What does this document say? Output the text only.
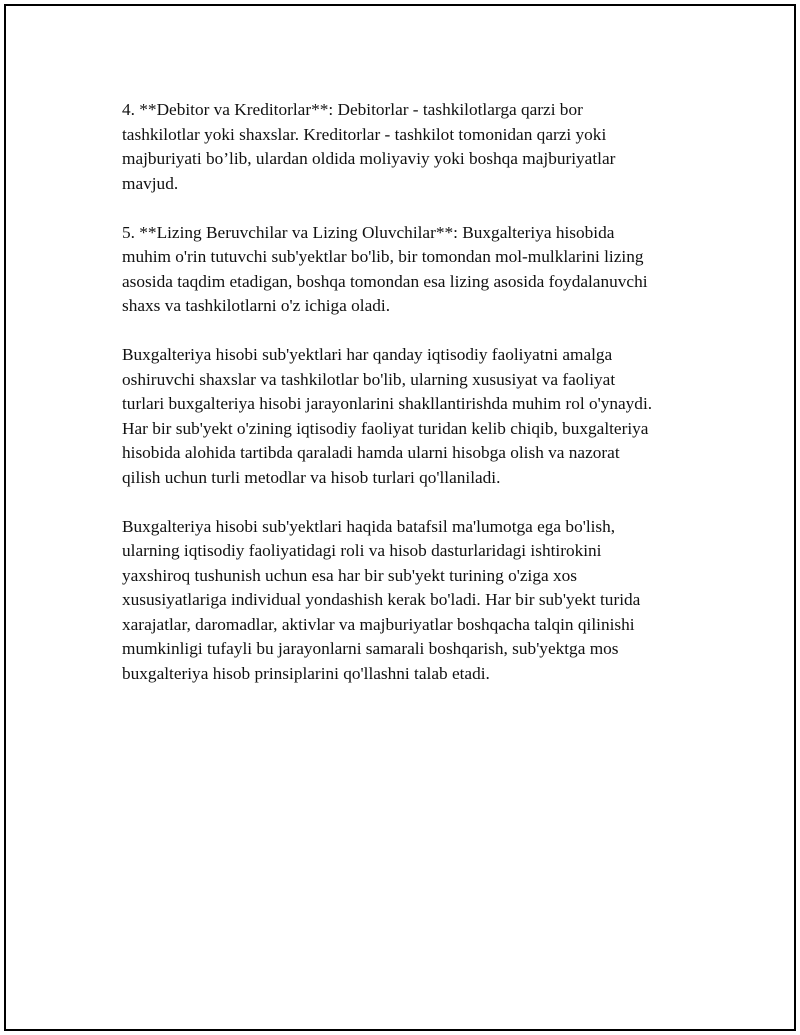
4. **Debitor va Kreditorlar**: Debitorlar - tashkilotlarga qarzi bor
tashkilotlar yoki shaxslar. Kreditorlar - tashkilot tomonidan qarzi yoki
majburiyati bo’lib, ulardan oldida moliyaviy yoki boshqa majburiyatlar
mavjud.

5. **Lizing Beruvchilar va Lizing Oluvchilar**: Buxgalteriya hisobida
muhim o'rin tutuvchi sub'yektlar bo'lib, bir tomondan mol-mulklarini lizing
asosida taqdim etadigan, boshqa tomondan esa lizing asosida foydalanuvchi
shaxs va tashkilotlarni o'z ichiga oladi.

Buxgalteriya hisobi sub'yektlari har qanday iqtisodiy faoliyatni amalga
oshiruvchi shaxslar va tashkilotlar bo'lib, ularning xususiyat va faoliyat
turlari buxgalteriya hisobi jarayonlarini shakllantirishda muhim rol o'ynaydi.
Har bir sub'yekt o'zining iqtisodiy faoliyat turidan kelib chiqib, buxgalteriya
hisobida alohida tartibda qaraladi hamda ularni hisobga olish va nazorat
qilish uchun turli metodlar va hisob turlari qo'llaniladi.

Buxgalteriya hisobi sub'yektlari haqida batafsil ma'lumotga ega bo'lish,
ularning iqtisodiy faoliyatidagi roli va hisob dasturlaridagi ishtirokini
yaxshiroq tushunish uchun esa har bir sub'yekt turining o'ziga xos
xususiyatlariga individual yondashish kerak bo'ladi. Har bir sub'yekt turida
xarajatlar, daromadlar, aktivlar va majburiyatlar boshqacha talqin qilinishi
mumkinligi tufayli bu jarayonlarni samarali boshqarish, sub'yektga mos
buxgalteriya hisob prinsiplarini qo'llashni talab etadi.
